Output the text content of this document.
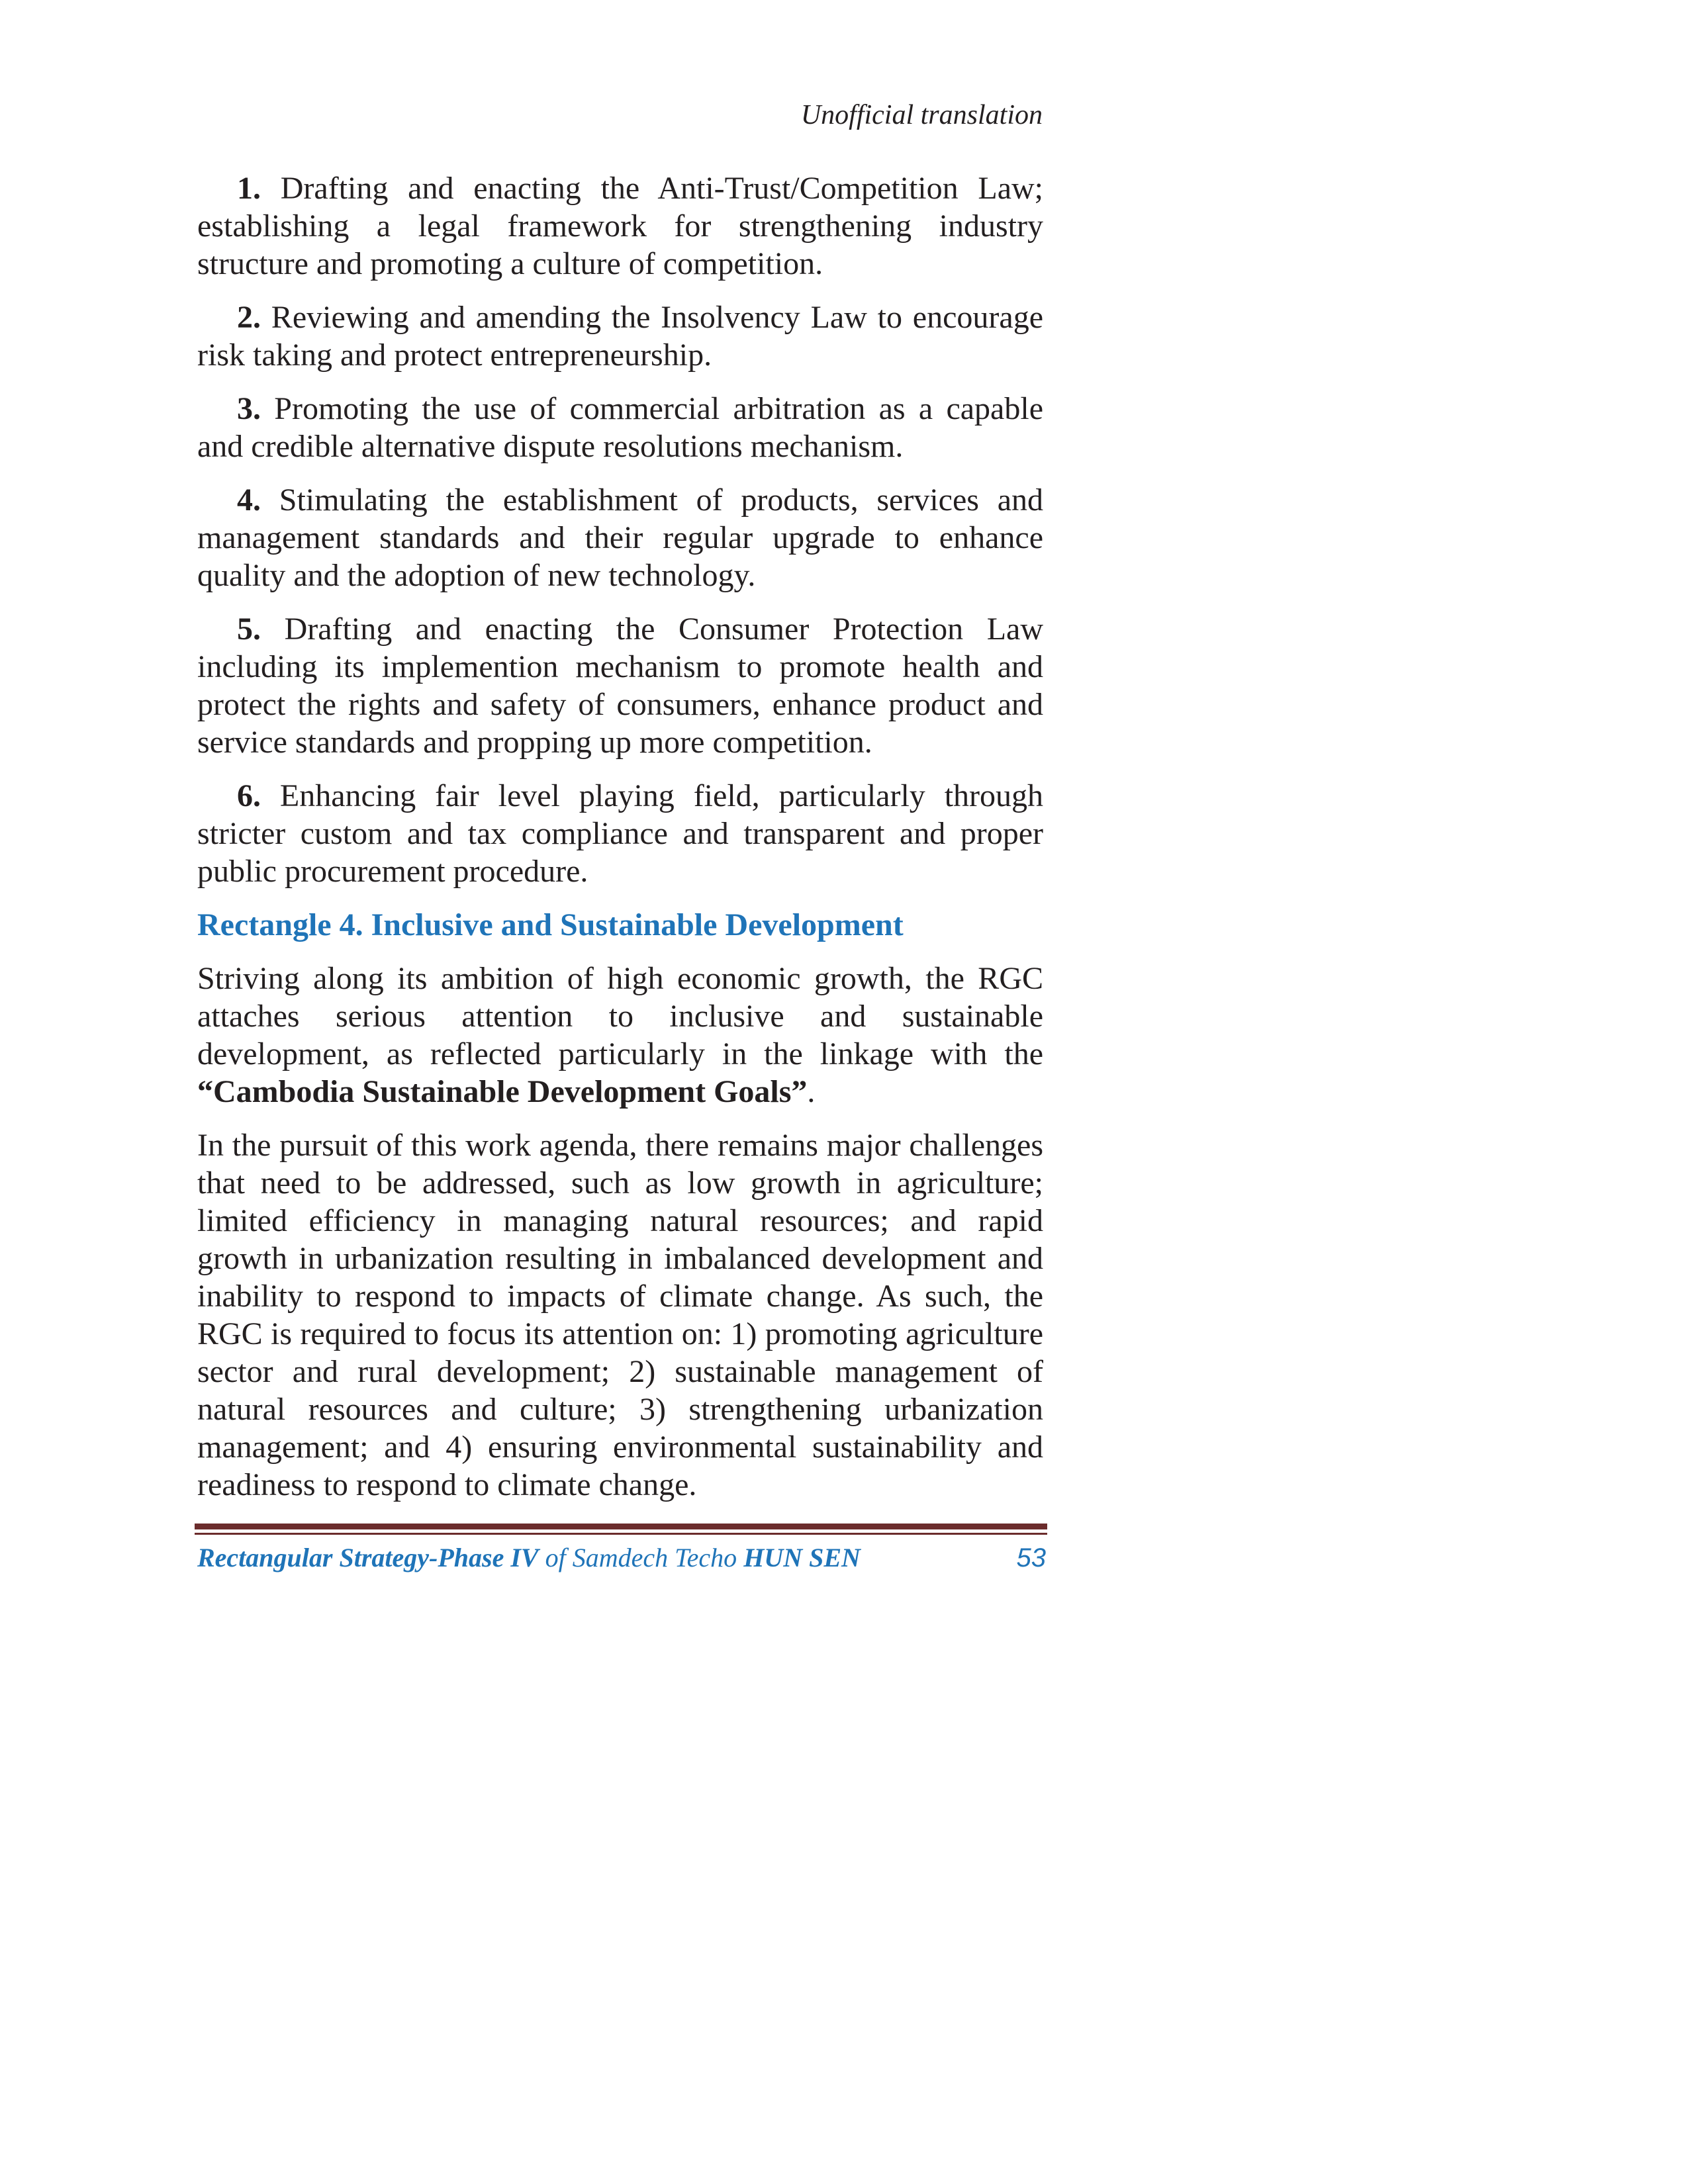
Unofficial translation

1. Drafting and enacting the Anti-Trust/Competition Law; establishing a legal framework for strengthening industry structure and promoting a culture of competition.

2. Reviewing and amending the Insolvency Law to encourage risk taking and protect entrepreneurship.

3. Promoting the use of commercial arbitration as a capable and credible alternative dispute resolutions mechanism.

4. Stimulating the establishment of products, services and management standards and their regular upgrade to enhance quality and the adoption of new technology.

5. Drafting and enacting the Consumer Protection Law including its implemention mechanism to promote health and protect the rights and safety of consumers, enhance product and service standards and propping up more competition.

6. Enhancing fair level playing field, particularly through stricter custom and tax compliance and transparent and proper public procurement procedure.

Rectangle 4. Inclusive and Sustainable Development

Striving along its ambition of high economic growth, the RGC attaches serious attention to inclusive and sustainable development, as reflected particularly in the linkage with the “Cambodia Sustainable Development Goals”.

In the pursuit of this work agenda, there remains major challenges that need to be addressed, such as low growth in agriculture; limited efficiency in managing natural resources; and rapid growth in urbanization resulting in imbalanced development and inability to respond to impacts of climate change. As such, the RGC is required to focus its attention on: 1) promoting agriculture sector and rural development; 2) sustainable management of natural resources and culture; 3) strengthening urbanization management; and 4) ensuring environmental sustainability and readiness to respond to climate change.

Rectangular Strategy-Phase IV of Samdech Techo HUN SEN	53
